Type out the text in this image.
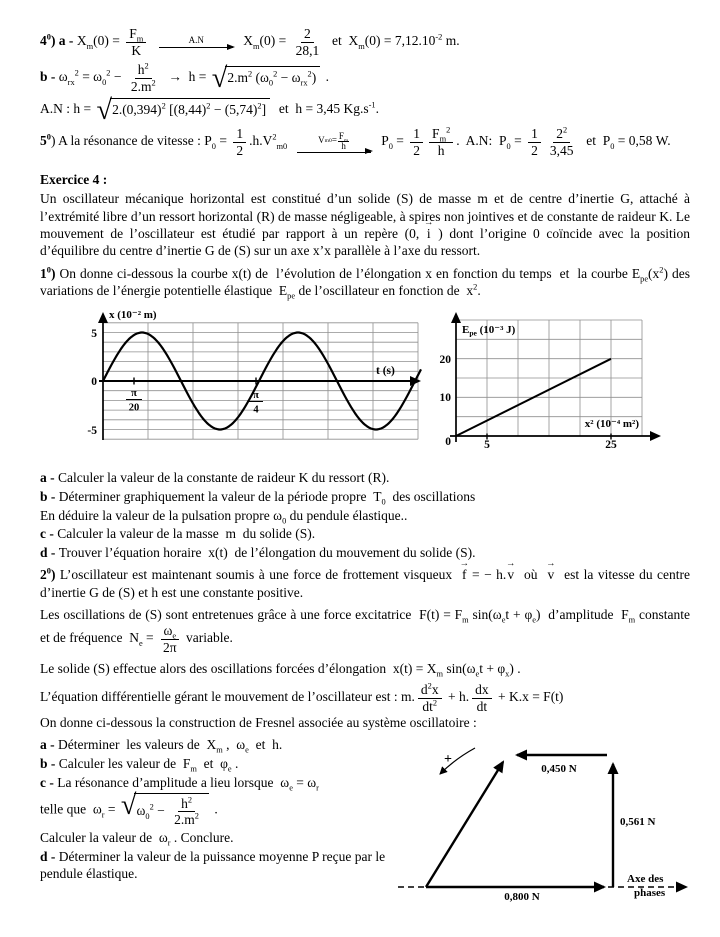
$4^0$) $a - X_m(0) = \frac{F_m}{K}$	A.N	$X_m(0) = \frac{2}{28,1}$ et  $X_m(0) = 7,12.10^{-2}$ m.
$b - \omega_{rx}^2 = \omega_0^2 - \frac{h^2}{2.m^2} \to h$ = √ $2.m^2$ $(\omega_0^2 - \omega_{rx}^2)$ .
A.N : h = √ $2.(0,394)^2$ $[(8,44)^2 - (5,74)^2]$ et  h = 3,45 $Kg.s^{-1}$.
$5^0$) A la résonance de vitesse : $P_0 = \frac{1}{2} .h.V^2_{m0}$
V $m0 = \frac{F_m}{h} P_0 = \frac{1}{2} \frac{F_m^2}{h}$ .  A.N:  $P_0 = \frac{1}{2} \frac{2^2}{3,45}$ et  $P_0 = 0,58$ W.
Exercice 4 :

Un oscillateur mécanique horizontal est constitué d’un solide (S) de masse m et de centre d’inertie G, attaché à l’extrémité libre d’un ressort horizontal (R) de masse négligeable, à spires non jointives et de constante de raideur K. Le mouvement de l’oscillateur est étudié par rapport à un repère (0, → i ) dont l’origine 0 coïncide avec la position d’équilibre du centre d’inertie G de (S) sur un axe x’x parallèle à l’axe du ressort.

$1^0$) On donne ci-dessous la courbe x(t) de  l’évolution de l’élongation x en fonction du temps  et  la courbe $E_{pe}(x^2)$ des variations de l’énergie potentielle élastique  $E_{pe}$ de l’oscillateur en fonction de  $x^2$.

x (10⁻² m)
5
0
-5
t (s)
π
20
π
4
$E_{pe}$ (10⁻³ J)
20
10
0	5	25
x² (10⁻⁴ m²)
a - Calculer la valeur de la constante de raideur K du ressort (R).
b - Déterminer graphiquement la valeur de la période propre  $T_0$  des oscillations
En déduire la valeur de la pulsation propre $\omega_0$ du pendule élastique..
c - Calculer la valeur de la masse  m  du solide (S).
d - Trouver l’équation horaire  x(t)  de l’élongation du mouvement du solide (S).

$2^0$) L’oscillateur est maintenant soumis à une force de frottement visqueux  → f = − h.→ v  où  → v  est la vitesse du centre d’inertie G de (S) et h est une constante positive.

Les oscillations de (S) sont entretenues grâce à une force excitatrice  $F(t) = F_m$ $\sin(\omega_et + \varphi_e)$  d’amplitude  $F_m$ constante et de fréquence  $N_e = \frac{\omega_e}{2\pi}$ variable.

Le solide (S) effectue alors des oscillations forcées d’élongation  $x(t) = X_m$ $\sin(\omega_et + \varphi_x)$ .

L’équation différentielle gérant le mouvement de l’oscillateur est : m. $\frac{d^2x}{dt^2} + h$. $\frac{dx}{dt} + K.x = F(t)$

On donne ci-dessous la construction de Fresnel associée au système oscillatoire :

a - Déterminer  les valeurs de  $X_m$ ,  $\omega_e$  et  h.
b - Calculer les valeur de  $F_m$  et  $\varphi_e$ .
c - La résonance d’amplitude a lieu lorsque  $\omega_e = \omega_r$
telle que  $\omega_r$ = √ $\omega_0^2 - \frac{h^2}{2.m^2}$ .
Calculer la valeur de  $\omega_r$ . Conclure.
d - Déterminer la valeur de la puissance moyenne P reçue par le pendule élastique.
+
0,450 N
0,561 N
0,800 N
Axe des
phases
